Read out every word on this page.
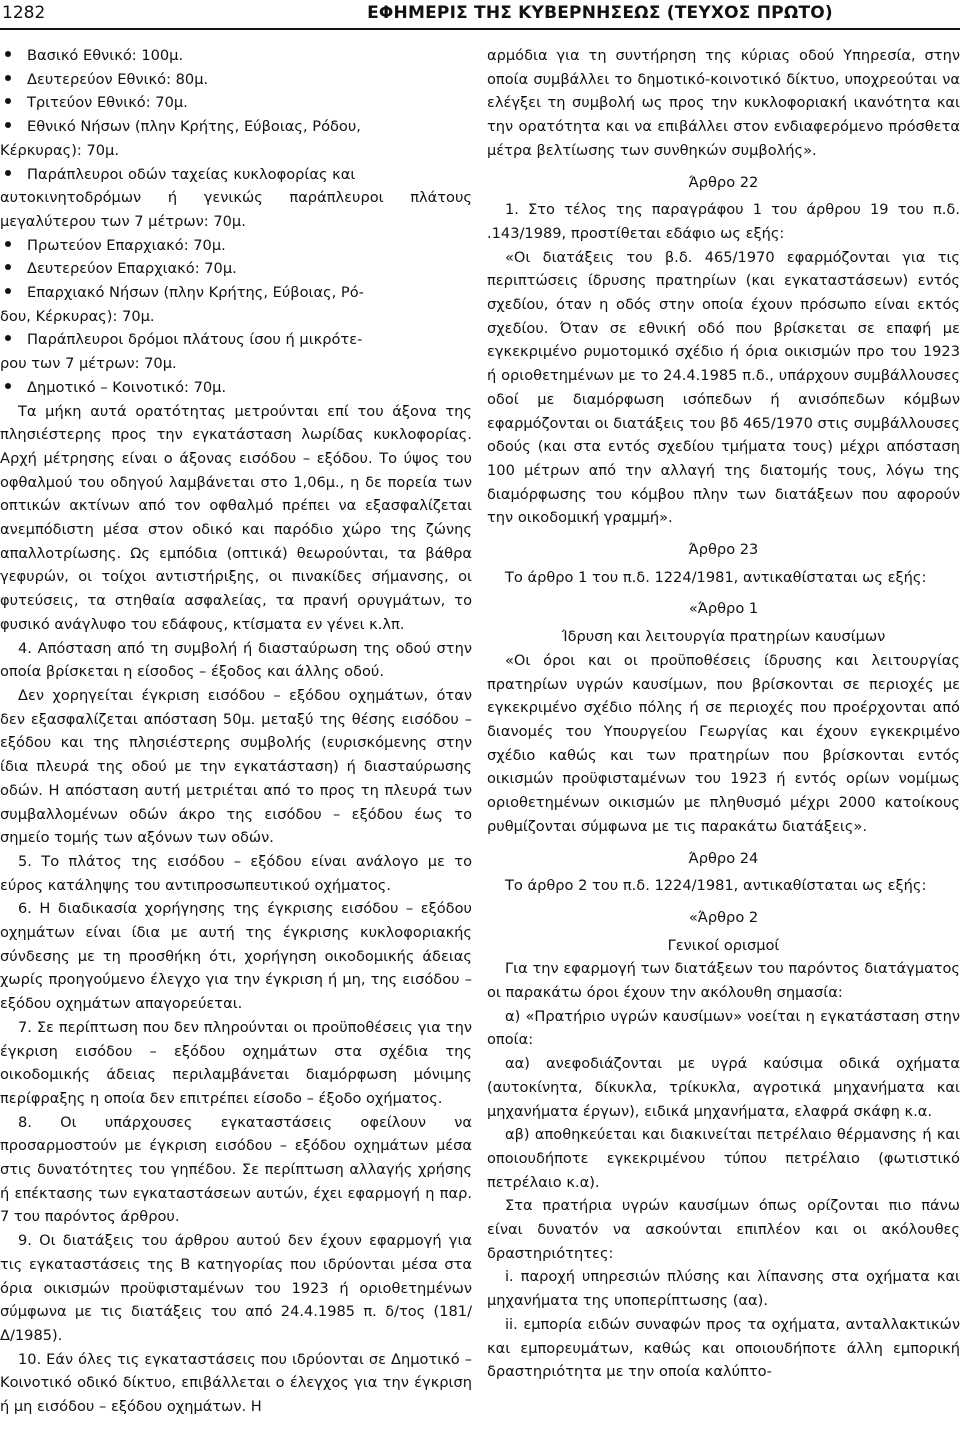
1282	ΕΦΗΜΕΡΙΣ ΤΗΣ ΚΥΒΕΡΝΗΣΕΩΣ (ΤΕΥΧΟΣ ΠΡΩΤΟ)
Βασικό Εθνικό: 100μ.
Δευτερεύον Εθνικό: 80μ.
Τριτεύον Εθνικό: 70μ.
Εθνικό Νήσων (πλην Κρήτης, Εύβοιας, Ρόδου,

Κέρκυρας): 70μ.

Παράπλευροι οδών ταχείας κυκλοφορίας και

αυτοκινητοδρόμων ή γενικώς παράπλευροι πλάτους μεγαλύτερου των 7 μέτρων: 70μ.

Πρωτεύον Επαρχιακό: 70μ.
Δευτερεύον Επαρχιακό: 70μ.
Επαρχιακό Νήσων (πλην Κρήτης, Εύβοιας, Ρό-

δου, Κέρκυρας): 70μ.

Παράπλευροι δρόμοι πλάτους ίσου ή μικρότε-

ρου των 7 μέτρων: 70μ.

Δημοτικό – Κοινοτικό: 70μ.

Τα μήκη αυτά ορατότητας μετρούνται επί του άξονα της πλησιέστερης προς την εγκατάσταση λωρίδας κυκλοφορίας. Αρχή μέτρησης είναι ο άξονας εισόδου – εξόδου. Το ύψος του οφθαλμού του οδηγού λαμβάνεται στο 1,06μ., η δε πορεία των οπτικών ακτίνων από τον οφθαλμό πρέπει να εξασφαλίζεται ανεμπόδιστη μέσα στον οδικό και παρόδιο χώρο της ζώνης απαλλοτρίωσης. Ως εμπόδια (οπτικά) θεωρούνται, τα βάθρα γεφυρών, οι τοίχοι αντιστήριξης, οι πινακίδες σήμανσης, οι φυτεύσεις, τα στηθαία ασφαλείας, τα πρανή ορυγμάτων, το φυσικό ανάγλυφο του εδάφους, κτίσματα εν γένει κ.λπ.

4. Απόσταση από τη συμβολή ή διασταύρωση της οδού στην οποία βρίσκεται η είσοδος – έξοδος και άλλης οδού.

Δεν χορηγείται έγκριση εισόδου – εξόδου οχημάτων, όταν δεν εξασφαλίζεται απόσταση 50μ. μεταξύ της θέσης εισόδου – εξόδου και της πλησιέστερης συμβολής (ευρισκόμενης στην ίδια πλευρά της οδού με την εγκατάσταση) ή διασταύρωσης οδών. Η απόσταση αυτή μετριέται από το προς τη πλευρά των συμβαλλομένων οδών άκρο της εισόδου – εξόδου έως το σημείο τομής των αξόνων των οδών.

5. Το πλάτος της εισόδου – εξόδου είναι ανάλογο με το εύρος κατάληψης του αντιπροσωπευτικού οχήματος.

6. Η διαδικασία χορήγησης της έγκρισης εισόδου – εξόδου οχημάτων είναι ίδια με αυτή της έγκρισης κυκλοφοριακής σύνδεσης με τη προσθήκη ότι, χορήγηση οικοδομικής άδειας χωρίς προηγούμενο έλεγχο για την έγκριση ή μη, της εισόδου – εξόδου οχημάτων απαγορεύεται.

7. Σε περίπτωση που δεν πληρούνται οι προϋποθέσεις για την έγκριση εισόδου – εξόδου οχημάτων στα σχέδια της οικοδομικής άδειας περιλαμβάνεται διαμόρφωση μόνιμης περίφραξης η οποία δεν επιτρέπει είσοδο – έξοδο οχήματος.

8. Οι υπάρχουσες εγκαταστάσεις οφείλουν να προσαρμοστούν με έγκριση εισόδου – εξόδου οχημάτων μέσα στις δυνατότητες του γηπέδου. Σε περίπτωση αλλαγής χρήσης ή επέκτασης των εγκαταστάσεων αυτών, έχει εφαρμογή η παρ. 7 του παρόντος άρθρου.

9. Οι διατάξεις του άρθρου αυτού δεν έχουν εφαρμογή για τις εγκαταστάσεις της Β κατηγορίας που ιδρύονται μέσα στα όρια οικισμών προϋφισταμένων του 1923 ή οριοθετημένων σύμφωνα με τις διατάξεις του από 24.4.1985 π. δ/τος (181/Δ/1985).

10. Εάν όλες τις εγκαταστάσεις που ιδρύονται σε Δημοτικό – Κοινοτικό οδικό δίκτυο, επιβάλλεται ο έλεγχος για την έγκριση ή μη εισόδου – εξόδου οχημάτων. Η

αρμόδια για τη συντήρηση της κύριας οδού Υπηρεσία, στην οποία συμβάλλει το δημοτικό-κοινοτικό δίκτυο, υποχρεούται να ελέγξει τη συμβολή ως προς την κυκλοφοριακή ικανότητα και την ορατότητα και να επιβάλλει στον ενδιαφερόμενο πρόσθετα μέτρα βελτίωσης των συνθηκών συμβολής».

Άρθρο 22

1. Στο τέλος της παραγράφου 1 του άρθρου 19 του π.δ. .143/1989, προστίθεται εδάφιο ως εξής:

«Οι διατάξεις του β.δ. 465/1970 εφαρμόζονται για τις περιπτώσεις ίδρυσης πρατηρίων (και εγκαταστάσεων) εντός σχεδίου, όταν η οδός στην οποία έχουν πρόσωπο είναι εκτός σχεδίου. Όταν σε εθνική οδό που βρίσκεται σε επαφή με εγκεκριμένο ρυμοτομικό σχέδιο ή όρια οικισμών προ του 1923 ή οριοθετημένων με το 24.4.1985 π.δ., υπάρχουν συμβάλλουσες οδοί με διαμόρφωση ισόπεδων ή ανισόπεδων κόμβων εφαρμόζονται οι διατάξεις του βδ 465/1970 στις συμβάλλουσες οδούς (και στα εντός σχεδίου τμήματα τους) μέχρι απόσταση 100 μέτρων από την αλλαγή της διατομής τους, λόγω της διαμόρφωσης του κόμβου πλην των διατάξεων που αφορούν την οικοδομική γραμμή».

Άρθρο 23

Το άρθρο 1 του π.δ. 1224/1981, αντικαθίσταται ως εξής:

«Άρθρο 1

Ίδρυση και λειτουργία πρατηρίων καυσίμων

«Οι όροι και οι προϋποθέσεις ίδρυσης και λειτουργίας πρατηρίων υγρών καυσίμων, που βρίσκονται σε περιοχές με εγκεκριμένο σχέδιο πόλης ή σε περιοχές που προέρχονται από διανομές του Υπουργείου Γεωργίας και έχουν εγκεκριμένο σχέδιο καθώς και των πρατηρίων που βρίσκονται εντός οικισμών προϋφισταμένων του 1923 ή εντός ορίων νομίμως οριοθετημένων οικισμών με πληθυσμό μέχρι 2000 κατοίκους ρυθμίζονται σύμφωνα με τις παρακάτω διατάξεις».

Άρθρο 24

Το άρθρο 2 του π.δ. 1224/1981, αντικαθίσταται ως εξής:

«Άρθρο 2

Γενικοί ορισμοί

Για την εφαρμογή των διατάξεων του παρόντος διατάγματος οι παρακάτω όροι έχουν την ακόλουθη σημασία:

α) «Πρατήριο υγρών καυσίμων» νοείται η εγκατάσταση στην οποία:

αα) ανεφοδιάζονται με υγρά καύσιμα οδικά οχήματα (αυτοκίνητα, δίκυκλα, τρίκυκλα, αγροτικά μηχανήματα και μηχανήματα έργων), ειδικά μηχανήματα, ελαφρά σκάφη κ.α.

αβ) αποθηκεύεται και διακινείται πετρέλαιο θέρμανσης ή και οποιουδήποτε εγκεκριμένου τύπου πετρέλαιο (φωτιστικό πετρέλαιο κ.α).

Στα πρατήρια υγρών καυσίμων όπως ορίζονται πιο πάνω είναι δυνατόν να ασκούνται επιπλέον και οι ακόλουθες δραστηριότητες:

i. παροχή υπηρεσιών πλύσης και λίπανσης στα οχήματα και μηχανήματα της υποπερίπτωσης (αα).

ii. εμπορία ειδών συναφών προς τα οχήματα, ανταλλακτικών και εμπορευμάτων, καθώς και οποιουδήποτε άλλη εμπορική δραστηριότητα με την οποία καλύπτο-
